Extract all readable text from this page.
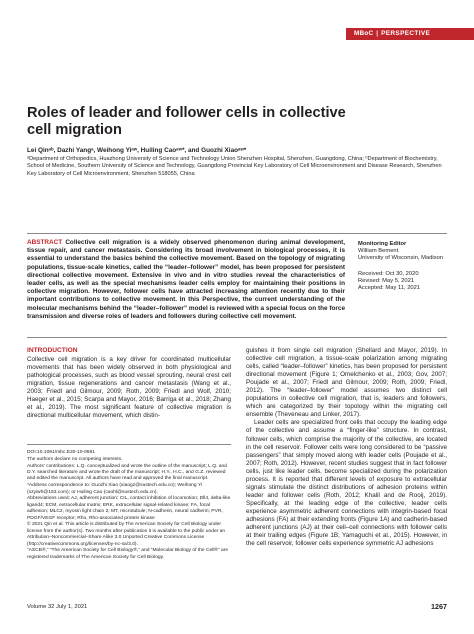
MBoC | PERSPECTIVE
Roles of leader and follower cells in collective cell migration
Lei Qinᵃᵇ, Dazhi Yangᵃ, Weihong Yiᵃʷ, Huiling Caoᵃʷ*, and Guozhi Xiaoᵃʷ*
ᵃDepartment of Orthopedics, Huazhong University of Science and Technology Union Shenzhen Hospital, Shenzhen, Guangdong, China; ᵇDepartment of Biochemistry, School of Medicine, Southern University of Science and Technology, Guangdong Provincial Key Laboratory of Cell Microenvironment and Disease Research, Shenzhen Key Laboratory of Cell Microenvironment, Shenzhen 518055, China
ABSTRACT Collective cell migration is a widely observed phenomenon during animal development, tissue repair, and cancer metastasis. Considering its broad involvement in biological processes, it is essential to understand the basics behind the collective movement. Based on the topology of migrating populations, tissue-scale kinetics, called the “leader–follower” model, has been proposed for persistent directional collective movement. Extensive in vivo and in vitro studies reveal the characteristics of leader cells, as well as the special mechanisms leader cells employ for maintaining their positions in collective migration. However, follower cells have attracted increasing attention recently due to their important contributions to collective movement. In this Perspective, the current understanding of the molecular mechanisms behind the “leader–follower” model is reviewed with a special focus on the force transmission and diverse roles of leaders and followers during collective cell movement.
Monitoring Editor
William Bement
University of Wisconsin, Madison
Received: Oct 30, 2020
Revised: May 5, 2021
Accepted: May 11, 2021
INTRODUCTION

Collective cell migration is a key driver for coordinated multicellular movements that has been widely observed in both physiological and pathological processes, such as blood vessel sprouting, neural crest cell migration, tissue regenerations and cancer metastasis (Wang et al., 2003; Friedl and Gilmour, 2009; Roth, 2009; Friedl and Wolf, 2010; Haeger et al., 2015; Scarpa and Mayor, 2016; Barriga et al., 2018; Zhang et al., 2019). The most significant feature of collective migration is directional multicellular movement, which distin-

DOI:10.1091/mbc.E20-10-0681

The authors declare no competing interests.

Authors’ contributions: L.Q. conceptualized and wrote the outline of the manuscript; L.Q. and D.Y. searched literature and wrote the draft of the manuscript; H.Y., H.C., and G.Z. reviewed and edited the manuscript. All authors have read and approved the final manuscript.

*Address correspondence to: Guozhi Xiao (xiaogz@sustech.edu.cn); Weihong Yi (szyiwh@163.com); or Huiling Cao (caohl@sustech.edu.cn).

Abbreviations used: AJ, adherent junction; CIL, contact inhibition of locomotion; Dll4, delta-like ligand4; ECM, extracellular matrix; ERK, extracellular signal-related kinase; FA, focal adhesion; MLC2, myosin light chain 2; MT, microtubule; N-cadherin, neural cadherin; PVR, PDGF/VEGF receptor; Rho, Rho-associated protein kinase

© 2021 Qin et al. This article is distributed by The American Society for Cell Biology under license from the author(s). Two months after publication it is available to the public under an Attribution–Noncommercial–Share Alike 3.0 Unported Creative Commons License (http://creativecommons.org/licenses/by-nc-sa/3.0).

“ASCB®,” “The American Society for Cell Biology®,” and “Molecular Biology of the Cell®” are registered trademarks of The American Society for Cell Biology.

guishes it from single cell migration (Shellard and Mayor, 2019). In collective cell migration, a tissue-scale polarization among migrating cells, called “leader–follower” kinetics, has been proposed for persistent directional movement (Figure 1; Omelchenko et al., 2003; Gov, 2007; Poujade et al., 2007; Friedl and Gilmour, 2009; Roth, 2009; Friedl, 2012). The “leader–follower” model assumes two distinct cell populations in collective cell migration, that is, leaders and followers, which are categorized by their topology within the migrating cell ensemble (Theveneau and Linker, 2017).

Leader cells are specialized front cells that occupy the leading edge of the collective and assume a “finger-like” structure. In contrast, follower cells, which comprise the majority of the collective, are located in the cell reservoir. Follower cells were long considered to be “passive passengers” that simply moved along with leader cells (Poujade et al., 2007; Roth, 2012). However, recent studies suggest that in fact follower cells, just like leader cells, become specialized during the polarization process. It is reported that different levels of exposure to extracellular signals stimulate the distinct distributions of adhesion proteins within leader and follower cells (Roth, 2012; Khalil and de Rooij, 2019). Specifically, at the leading edge of the collective, leader cells experience asymmetric adherent connections with integrin-based focal adhesions (FA) at their extending fronts (Figure 1A) and cadherin-based adherent junctions (AJ) at their cell–cell connections with follower cells at their trailing edges (Figure 1B; Yamaguchi et al., 2015). However, in the cell reservoir, follower cells experience symmetric AJ adhesions

Volume 32 July 1, 2021	1267
